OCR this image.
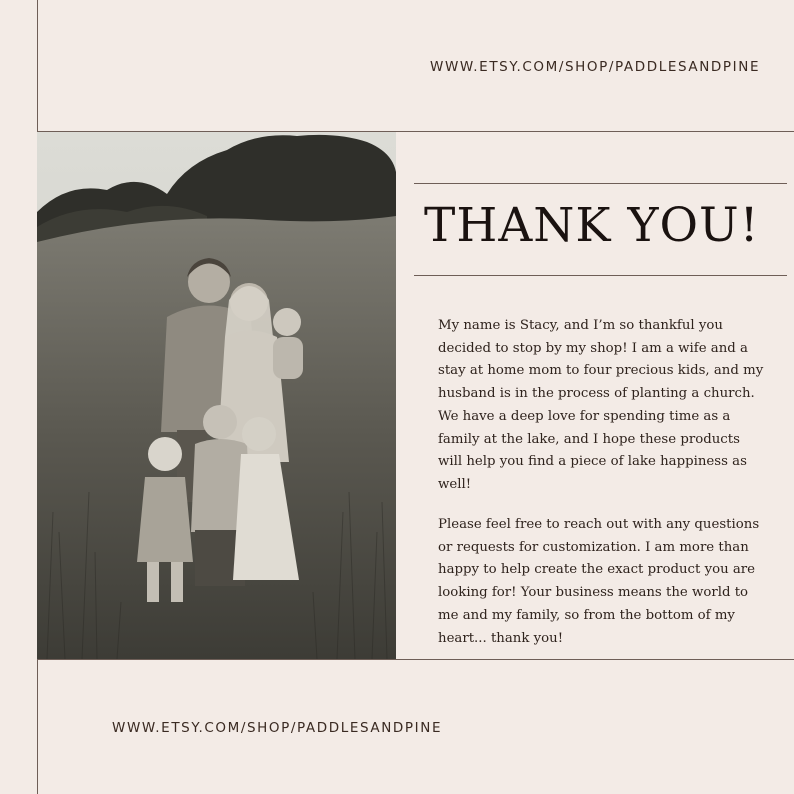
WWW.ETSY.COM/SHOP/PADDLESANDPINE
THANK YOU!
My name is Stacy, and I’m so thankful you decided to stop by my shop! I am a wife and a stay at home mom to four precious kids, and my husband is in the process of planting a church. We have a deep love for spending time as a family at the lake, and I hope these products will help you find a piece of lake happiness as well!
Please feel free to reach out with any questions or requests for customization. I am more than happy to help create the exact product you are looking for! Your business means the world to me and my family, so from the bottom of my heart... thank you!
WWW.ETSY.COM/SHOP/PADDLESANDPINE
